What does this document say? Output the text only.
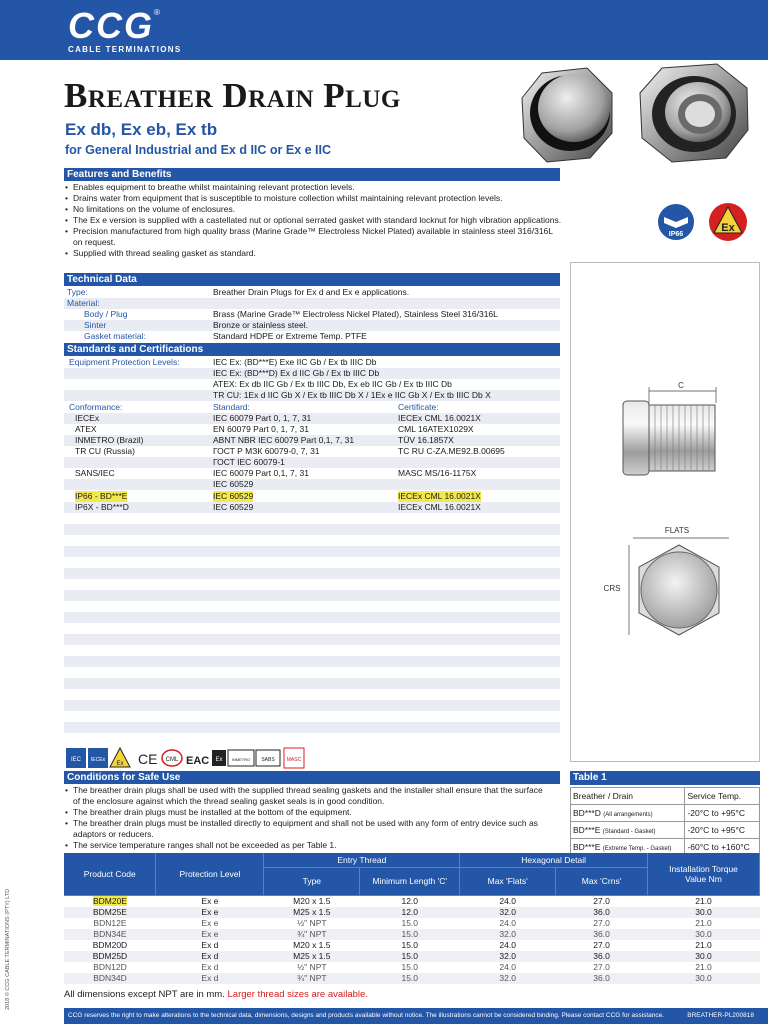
CCG®
CABLE TERMINATIONS
Breather Drain Plug
Ex db, Ex eb, Ex tb
for General Industrial and Ex d IIC or Ex e IIC
Features and Benefits
• Enables equipment to breathe whilst maintaining relevant protection levels.
• Drains water from equipment that is susceptible to moisture collection whilst maintaining relevant protection levels.
• No limitations on the volume of enclosures.
• The Ex e version is supplied with a castellated nut or optional serrated gasket with standard locknut for high vibration applications.
• Precision manufactured from high quality brass (Marine Grade™ Electroless Nickel Plated) available in stainless steel 316/316L on request.
• Supplied with thread sealing gasket as standard.
IP66
Ex
Technical Data
Type:	Breather Drain Plugs for Ex d and Ex e applications.
Material:
Body / Plug	Brass (Marine Grade™ Electroless Nickel Plated), Stainless Steel 316/316L
Sinter	Bronze or stainless steel.
Gasket material:	Standard HDPE or Extreme Temp. PTFE
Standards and Certifications
Equipment Protection Levels:	IEC Ex: (BD***E) Exe IIC Gb / Ex tb IIIC Db
IEC Ex: (BD***D) Ex d IIC Gb / Ex tb IIIC Db
ATEX: Ex db IIC Gb / Ex tb IIIC Db, Ex eb IIC Gb / Ex tb IIIC Db
TR CU: 1Ex d IIC Gb X / Ex tb IIIC Db X / 1Ex e IIC Gb X / Ex tb IIIC Db X
Conformance:	Standard:	Certificate:
IECEx	IEC 60079 Part 0, 1, 7, 31	IECEx CML 16.0021X
ATEX	EN 60079 Part 0, 1, 7, 31	CML 16ATEX1029X
INMETRO (Brazil)	ABNT NBR IEC 60079 Part 0,1, 7, 31	TÜV 16.1857X
TR CU (Russia)	ГОСТ Р МЗК 60079-0, 7, 31	TC RU C-ZA.ME92.B.00695
ГОСТ IEC 60079-1
SANS/IEC	IEC 60079 Part 0,1, 7, 31	MASC MS/16-1175X
IEC 60529
IP66 - BD***E	IEC 60529	IECEx CML 16.0021X
IP6X - BD***D	IEC 60529	IECEx CML 16.0021X
C
FLATS
CRS
IEC IECEx
Ex CE CML EAC Ex INMETRO SABS MASC
Conditions for Safe Use
• The breather drain plugs shall be used with the supplied thread sealing gaskets and the installer shall ensure that the surface of the enclosure against which the thread sealing gasket seals is in good condition.
• The breather drain plugs must be installed at the bottom of the equipment.
• The breather drain plugs must be installed directly to equipment and shall not be used with any form of entry device such as adaptors or reducers.
• The service temperature ranges shall not be exceeded as per Table 1.
Table 1
Breather / Drain	Service Temp.
BD***D (All arrangements)	-20°C to +95°C
BD***E (Standard - Gasket)	-20°C to +95°C
BD***E (Extreme Temp. - Gasket)	-60°C to +160°C
Product Code	Protection Level	Entry Thread		Hexagonal Detail		Installation Torque Value Nm
		Type	Minimum Length 'C'	Max 'Flats'	Max 'Crns'	
BDM20E	Ex e	M20 x 1.5	12.0	24.0	27.0	21.0
BDM25E	Ex e	M25 x 1.5	12.0	32.0	36.0	30.0
BDN12E	Ex e	½" NPT	15.0	24.0	27.0	21.0
BDN34E	Ex e	¾" NPT	15.0	32.0	36.0	30.0
BDM20D	Ex d	M20 x 1.5	15.0	24.0	27.0	21.0
BDM25D	Ex d	M25 x 1.5	15.0	32.0	36.0	30.0
BDN12D	Ex d	½" NPT	15.0	24.0	27.0	21.0
BDN34D	Ex d	¾" NPT	15.0	32.0	36.0	30.0
All dimensions except NPT are in mm. Larger thread sizes are available.
CCG reserves the right to make alterations to the technical data, dimensions, designs and products available without notice. The illustrations cannot be considered binding. Please contact CCG for assistance.	BREATHER-PL200818
2018 © CCG CABLE TERMINATIONS (PTY) LTD
